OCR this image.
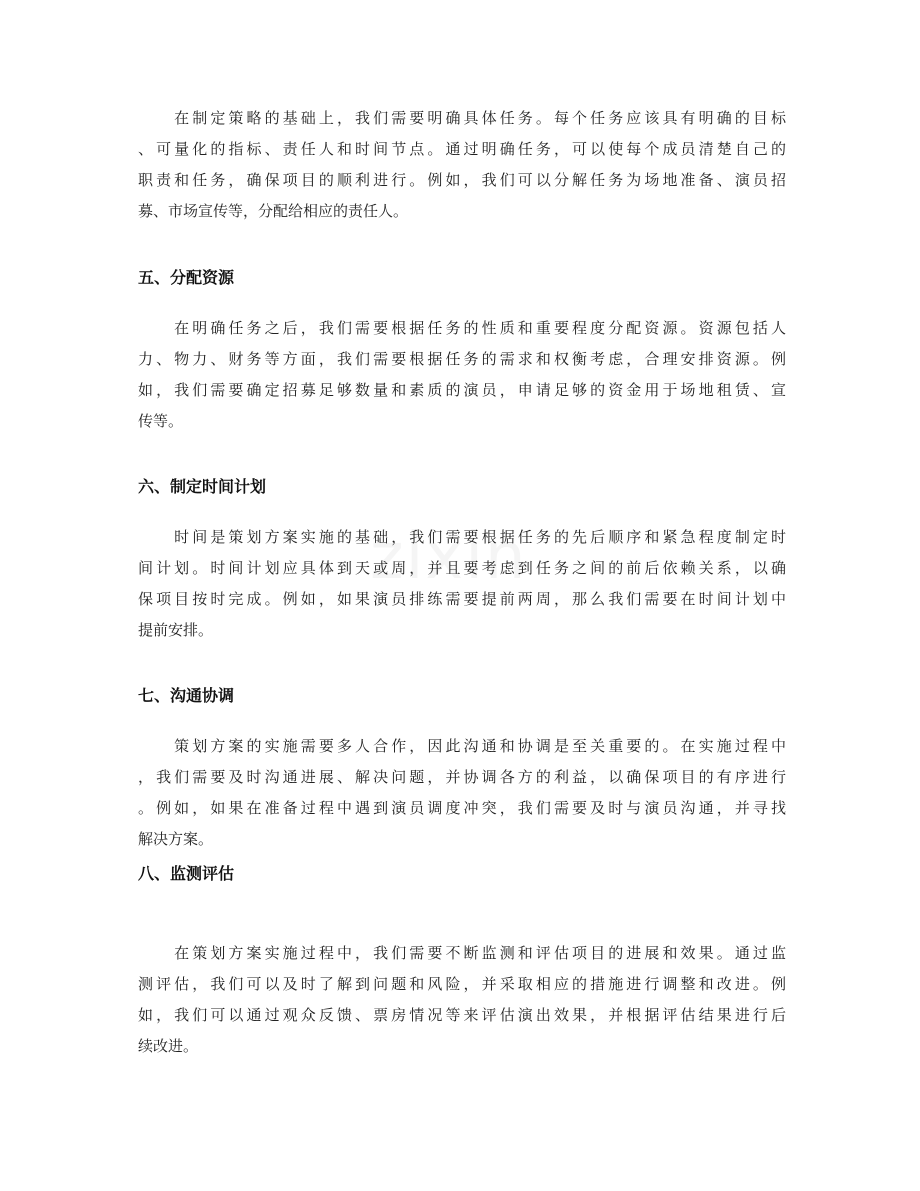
zixin

　　在制定策略的基础上，我们需要明确具体任务。每个任务应该具有明确的目标
、可量化的指标、责任人和时间节点。通过明确任务，可以使每个成员清楚自己的
职责和任务，确保项目的顺利进行。例如，我们可以分解任务为场地准备、演员招
募、市场宣传等，分配给相应的责任人。

五、分配资源

　　在明确任务之后，我们需要根据任务的性质和重要程度分配资源。资源包括人
力、物力、财务等方面，我们需要根据任务的需求和权衡考虑，合理安排资源。例
如，我们需要确定招募足够数量和素质的演员，申请足够的资金用于场地租赁、宣
传等。

六、制定时间计划

　　时间是策划方案实施的基础，我们需要根据任务的先后顺序和紧急程度制定时
间计划。时间计划应具体到天或周，并且要考虑到任务之间的前后依赖关系，以确
保项目按时完成。例如，如果演员排练需要提前两周，那么我们需要在时间计划中
提前安排。

七、沟通协调

　　策划方案的实施需要多人合作，因此沟通和协调是至关重要的。在实施过程中
，我们需要及时沟通进展、解决问题，并协调各方的利益，以确保项目的有序进行
。例如，如果在准备过程中遇到演员调度冲突，我们需要及时与演员沟通，并寻找
解决方案。

八、监测评估

　　在策划方案实施过程中，我们需要不断监测和评估项目的进展和效果。通过监
测评估，我们可以及时了解到问题和风险，并采取相应的措施进行调整和改进。例
如，我们可以通过观众反馈、票房情况等来评估演出效果，并根据评估结果进行后
续改进。
